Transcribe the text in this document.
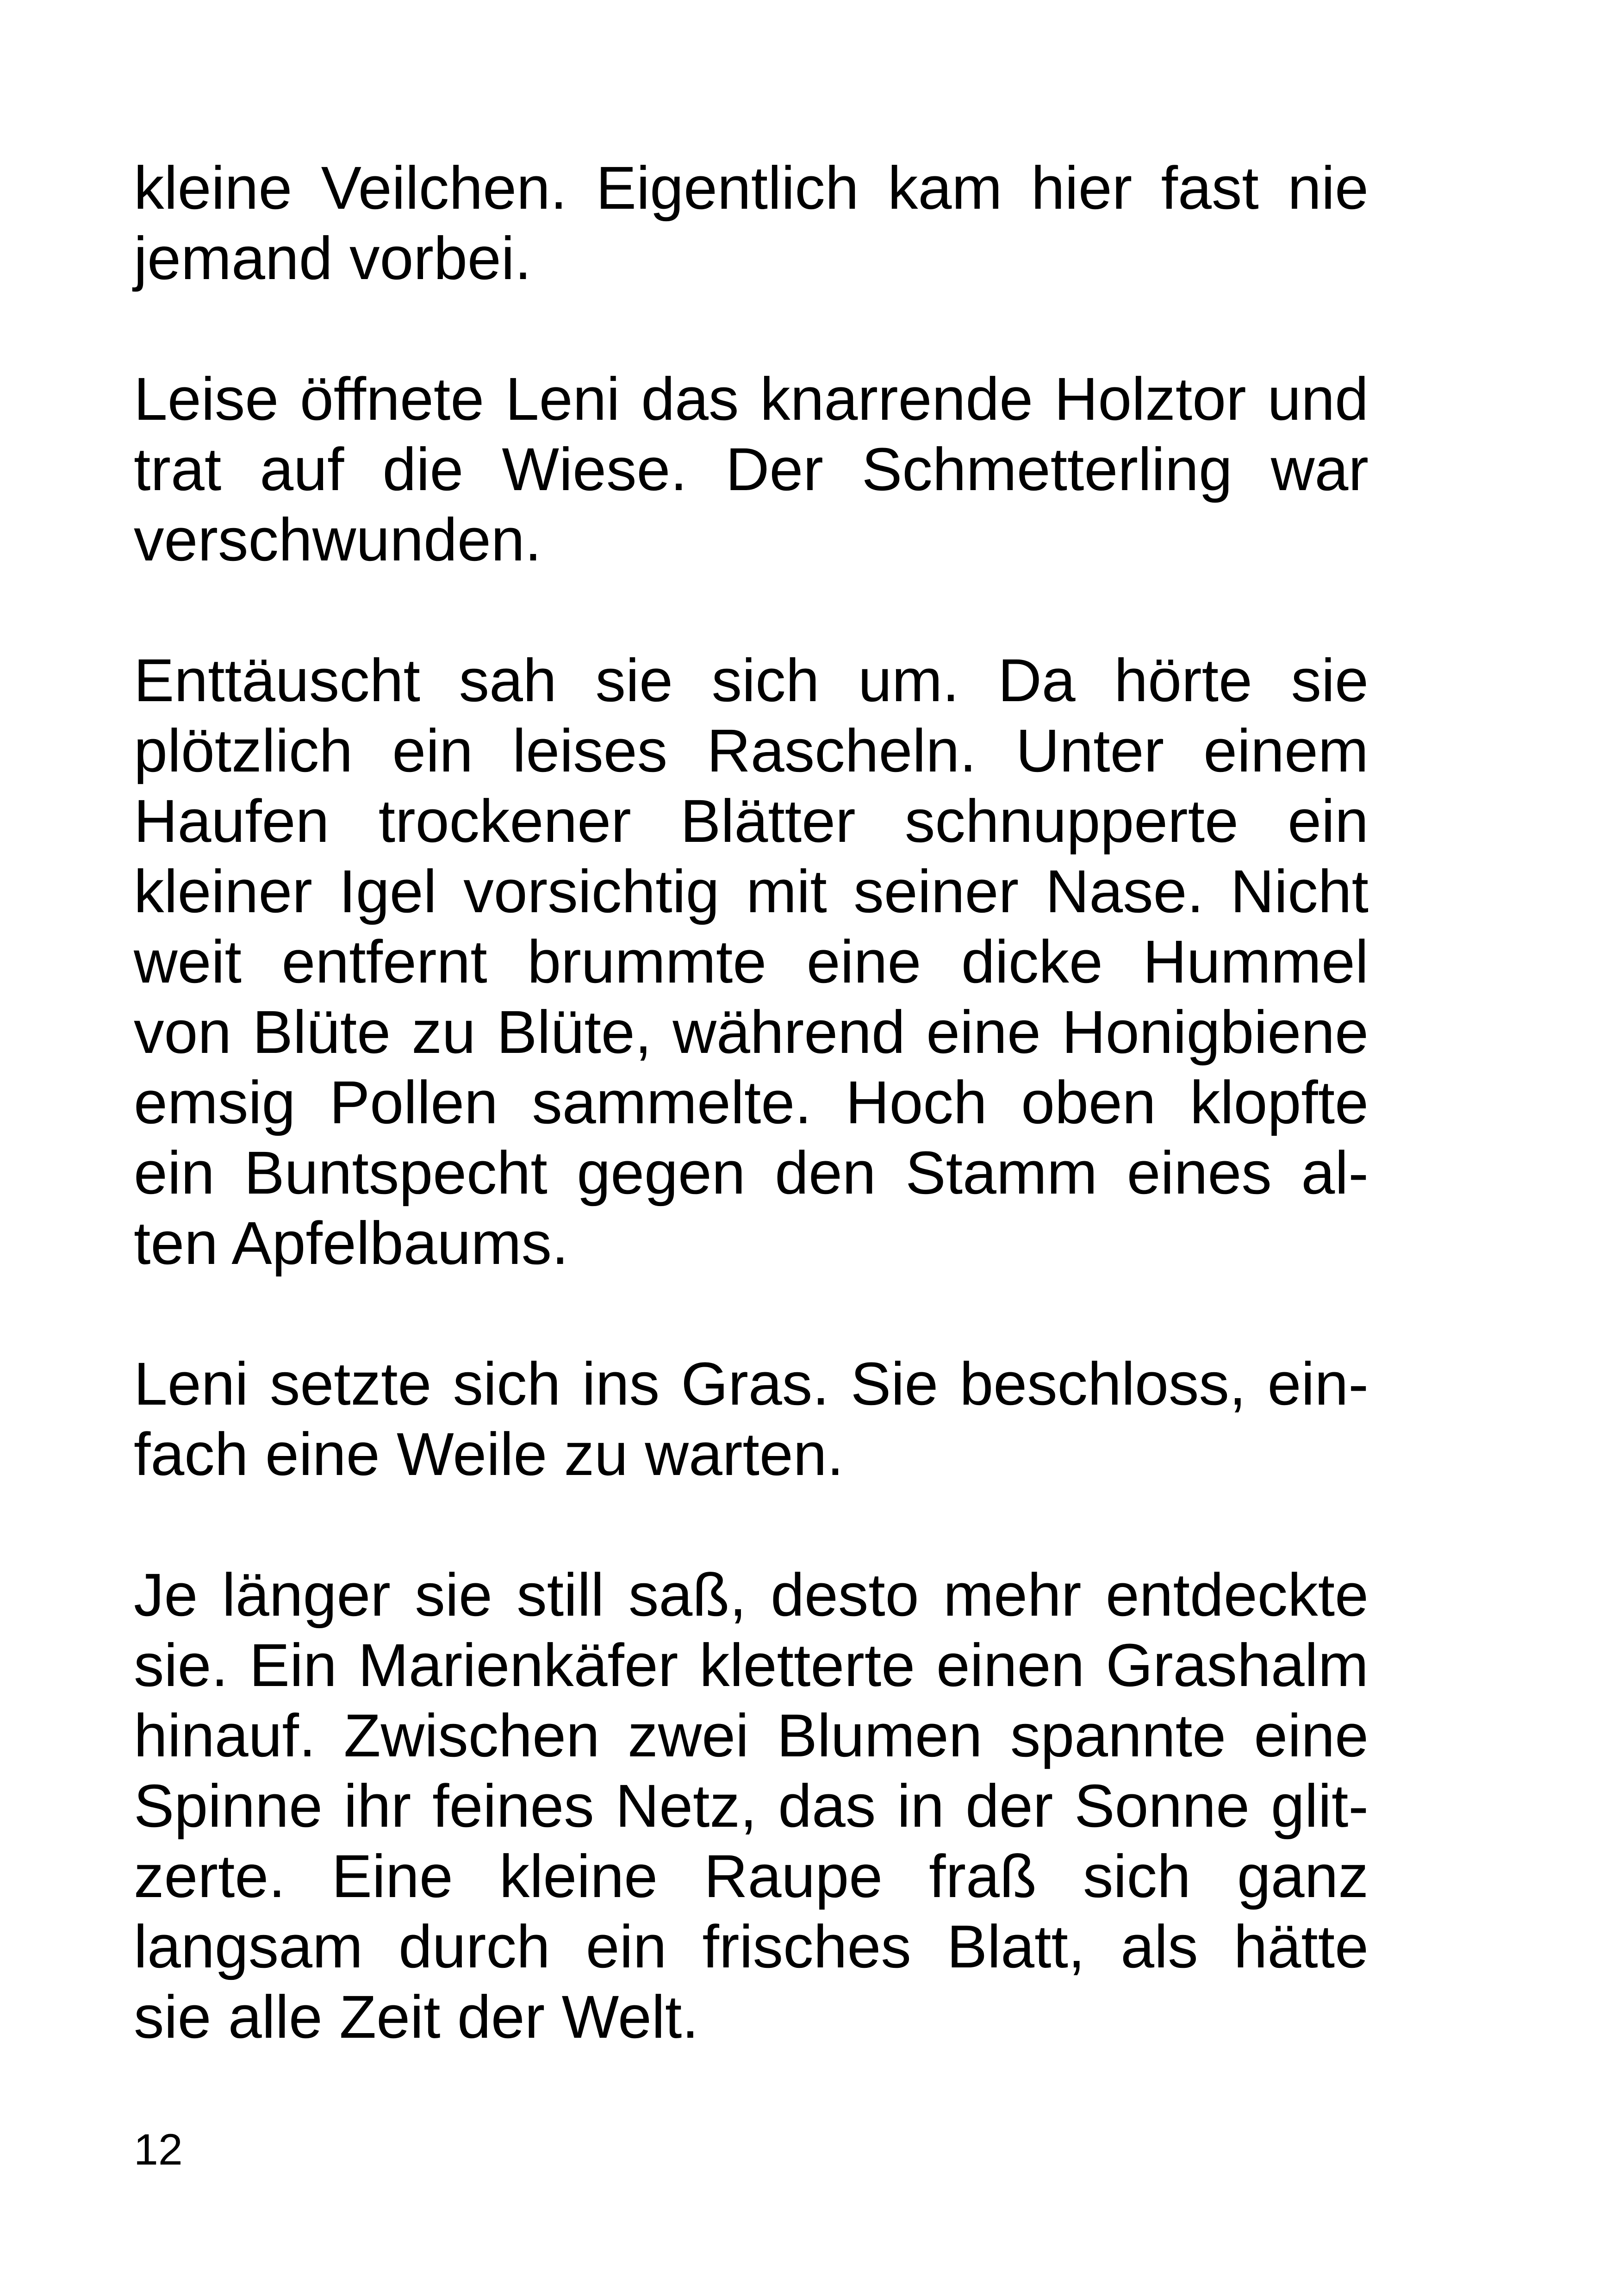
kleine Veilchen. Eigentlich kam hier fast nie
jemand vorbei.
Leise öffnete Leni das knarrende Holztor und
trat auf die Wiese. Der Schmetterling war
verschwunden.
Enttäuscht sah sie sich um. Da hörte sie
plötzlich ein leises Rascheln. Unter einem
Haufen trockener Blätter schnupperte ein
kleiner Igel vorsichtig mit seiner Nase. Nicht
weit entfernt brummte eine dicke Hummel
von Blüte zu Blüte, während eine Honigbiene
emsig Pollen sammelte. Hoch oben klopfte
ein Buntspecht gegen den Stamm eines al-
ten Apfelbaums.
Leni setzte sich ins Gras. Sie beschloss, ein-
fach eine Weile zu warten.
Je länger sie still saß, desto mehr entdeckte
sie. Ein Marienkäfer kletterte einen Grashalm
hinauf. Zwischen zwei Blumen spannte eine
Spinne ihr feines Netz, das in der Sonne glit-
zerte. Eine kleine Raupe fraß sich ganz
langsam durch ein frisches Blatt, als hätte
sie alle Zeit der Welt.
12
